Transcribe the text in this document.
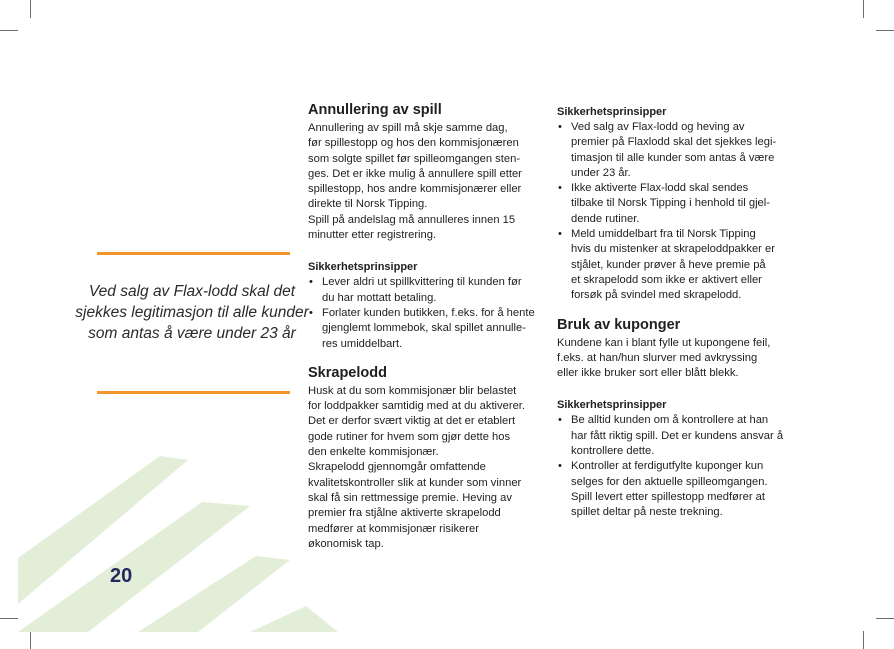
Ved salg av Flax-lodd skal det sjekkes legitimasjon til alle kunder som antas å være under 23 år
20
Annullering av spill

Annullering av spill må skje samme dag,
før spillestopp og hos den kommisjonæren
som solgte spillet før spilleomgangen sten-
ges. Det er ikke mulig å annullere spill etter
spillestopp, hos andre kommisjonærer eller
direkte til Norsk Tipping.
Spill på andelslag må annulleres innen 15
minutter etter registrering.

Sikkerhetsprinsipper
• Lever aldri ut spillkvittering til kunden før
du har mottatt betaling.
• Forlater kunden butikken, f.eks. for å hente
gjenglemt lommebok, skal spillet annulle-
res umiddelbart.
Skrapelodd

Husk at du som kommisjonær blir belastet
for loddpakker samtidig med at du aktiverer.
Det er derfor svært viktig at det er etablert
gode rutiner for hvem som gjør dette hos
den enkelte kommisjonær.
Skrapelodd gjennomgår omfattende
kvalitetskontroller slik at kunder som vinner
skal få sin rettmessige premie. Heving av
premier fra stjålne aktiverte skrapelodd
medfører at kommisjonær risikerer
økonomisk tap.

Sikkerhetsprinsipper
• Ved salg av Flax-lodd og heving av
premier på Flaxlodd skal det sjekkes legi-
timasjon til alle kunder som antas å være
under 23 år.
• Ikke aktiverte Flax-lodd skal sendes
tilbake til Norsk Tipping i henhold til gjel-
dende rutiner.
• Meld umiddelbart fra til Norsk Tipping
hvis du mistenker at skrapeloddpakker er
stjålet, kunder prøver å heve premie på
et skrapelodd som ikke er aktivert eller
forsøk på svindel med skrapelodd.
Bruk av kuponger

Kundene kan i blant fylle ut kupongene feil,
f.eks. at han/hun slurver med avkryssing
eller ikke bruker sort eller blått blekk.

Sikkerhetsprinsipper
• Be alltid kunden om å kontrollere at han
har fått riktig spill. Det er kundens ansvar å
kontrollere dette.
• Kontroller at ferdigutfylte kuponger kun
selges for den aktuelle spilleomgangen.
Spill levert etter spillestopp medfører at
spillet deltar på neste trekning.
